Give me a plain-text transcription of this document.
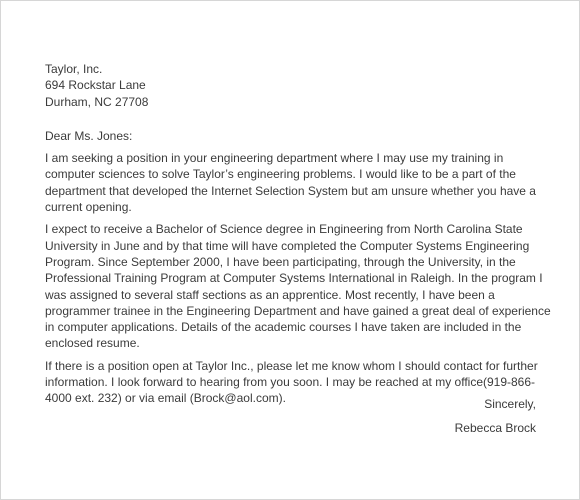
Taylor, Inc.
694 Rockstar Lane
Durham, NC 27708
Dear Ms. Jones:
I am seeking a position in your engineering department where I may use my training in
computer sciences to solve Taylor’s engineering problems. I would like to be a part of the
department that developed the Internet Selection System but am unsure whether you have a
current opening.
I expect to receive a Bachelor of Science degree in Engineering from North Carolina State
University in June and by that time will have completed the Computer Systems Engineering
Program. Since September 2000, I have been participating, through the University, in the
Professional Training Program at Computer Systems International in Raleigh. In the program I
was assigned to several staff sections as an apprentice. Most recently, I have been a
programmer trainee in the Engineering Department and have gained a great deal of experience
in computer applications. Details of the academic courses I have taken are included in the
enclosed resume.
If there is a position open at Taylor Inc., please let me know whom I should contact for further
information. I look forward to hearing from you soon. I may be reached at my office(919-866-
4000 ext. 232) or via email (Brock@aol.com).	Sincerely,
Rebecca Brock
